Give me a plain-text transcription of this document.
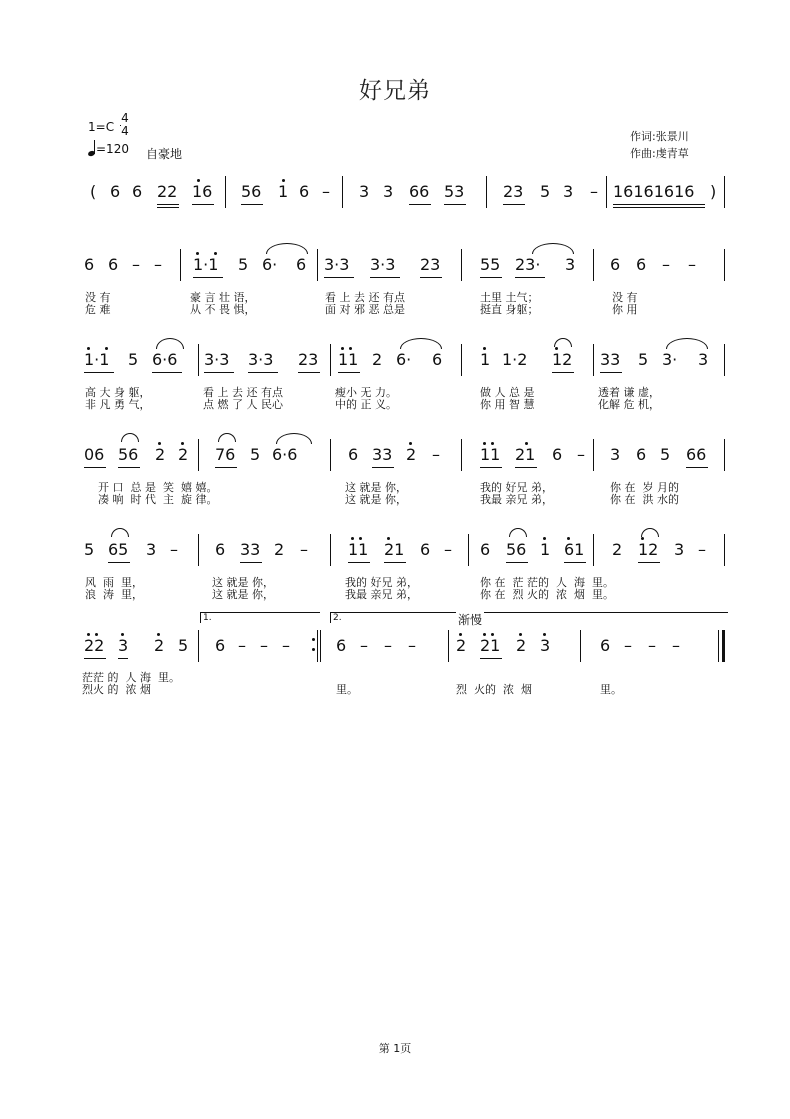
好兄弟
1=C
4
4
=120 自豪地
作词:张景川
作曲:虔青草
( 6 6 22 16 56 1 6 – 3 3 66 53 23 5 3 – 16161616 )
6 6 – – 1·1 5 6· 6 3·3 3·3 23 55 23· 3 6 6 – –
没 有	豪 言 壮 语，	看 上 去 还 有点	土里 土气；	没 有
危 难	从 不 畏 惧，	面 对 邪 恶 总是	挺直 身躯；	你 用
1·1 5 6·6 3·3 3·3 23 11 2 6· 6 1 1·2 12 33 5 3· 3
高 大 身 躯，	看 上 去 还 有点	瘦小 无 力。	做 人 总 是	透着 谦 虚，
非 凡 勇 气，	点 燃 了 人 民心	中的 正 义。	你 用 智 慧	化解 危 机，
06 56 2 2 76 5 6·6	6 33 2 –	11 21 6 – 3 6 5 66
开 口  总 是  笑  嬉 嬉。	这 就是 你，	我的 好兄 弟，	你 在  岁 月的
凑 响  时 代  主  旋 律。	这 就是 你，	我最 亲兄 弟，	你 在  洪 水的
5 65 3 – 6 33 2 –	11 21 6 – 6 56 1 61 2 12 3 –
风  雨  里，	这 就是 你，	我的 好兄 弟，	你 在  茫 茫的  人  海  里。
浪  涛  里，	这 就是 你，	我最 亲兄 弟，	你 在  烈 火的  浓  烟  里。
1.	2.	渐慢
22 3 2 5 6 – – –	6 – – –	2 21 2 3	6 – – –
茫茫 的  人 海  里。
烈火 的  浓 烟	里。	烈  火的  浓  烟	里。
第 1页
